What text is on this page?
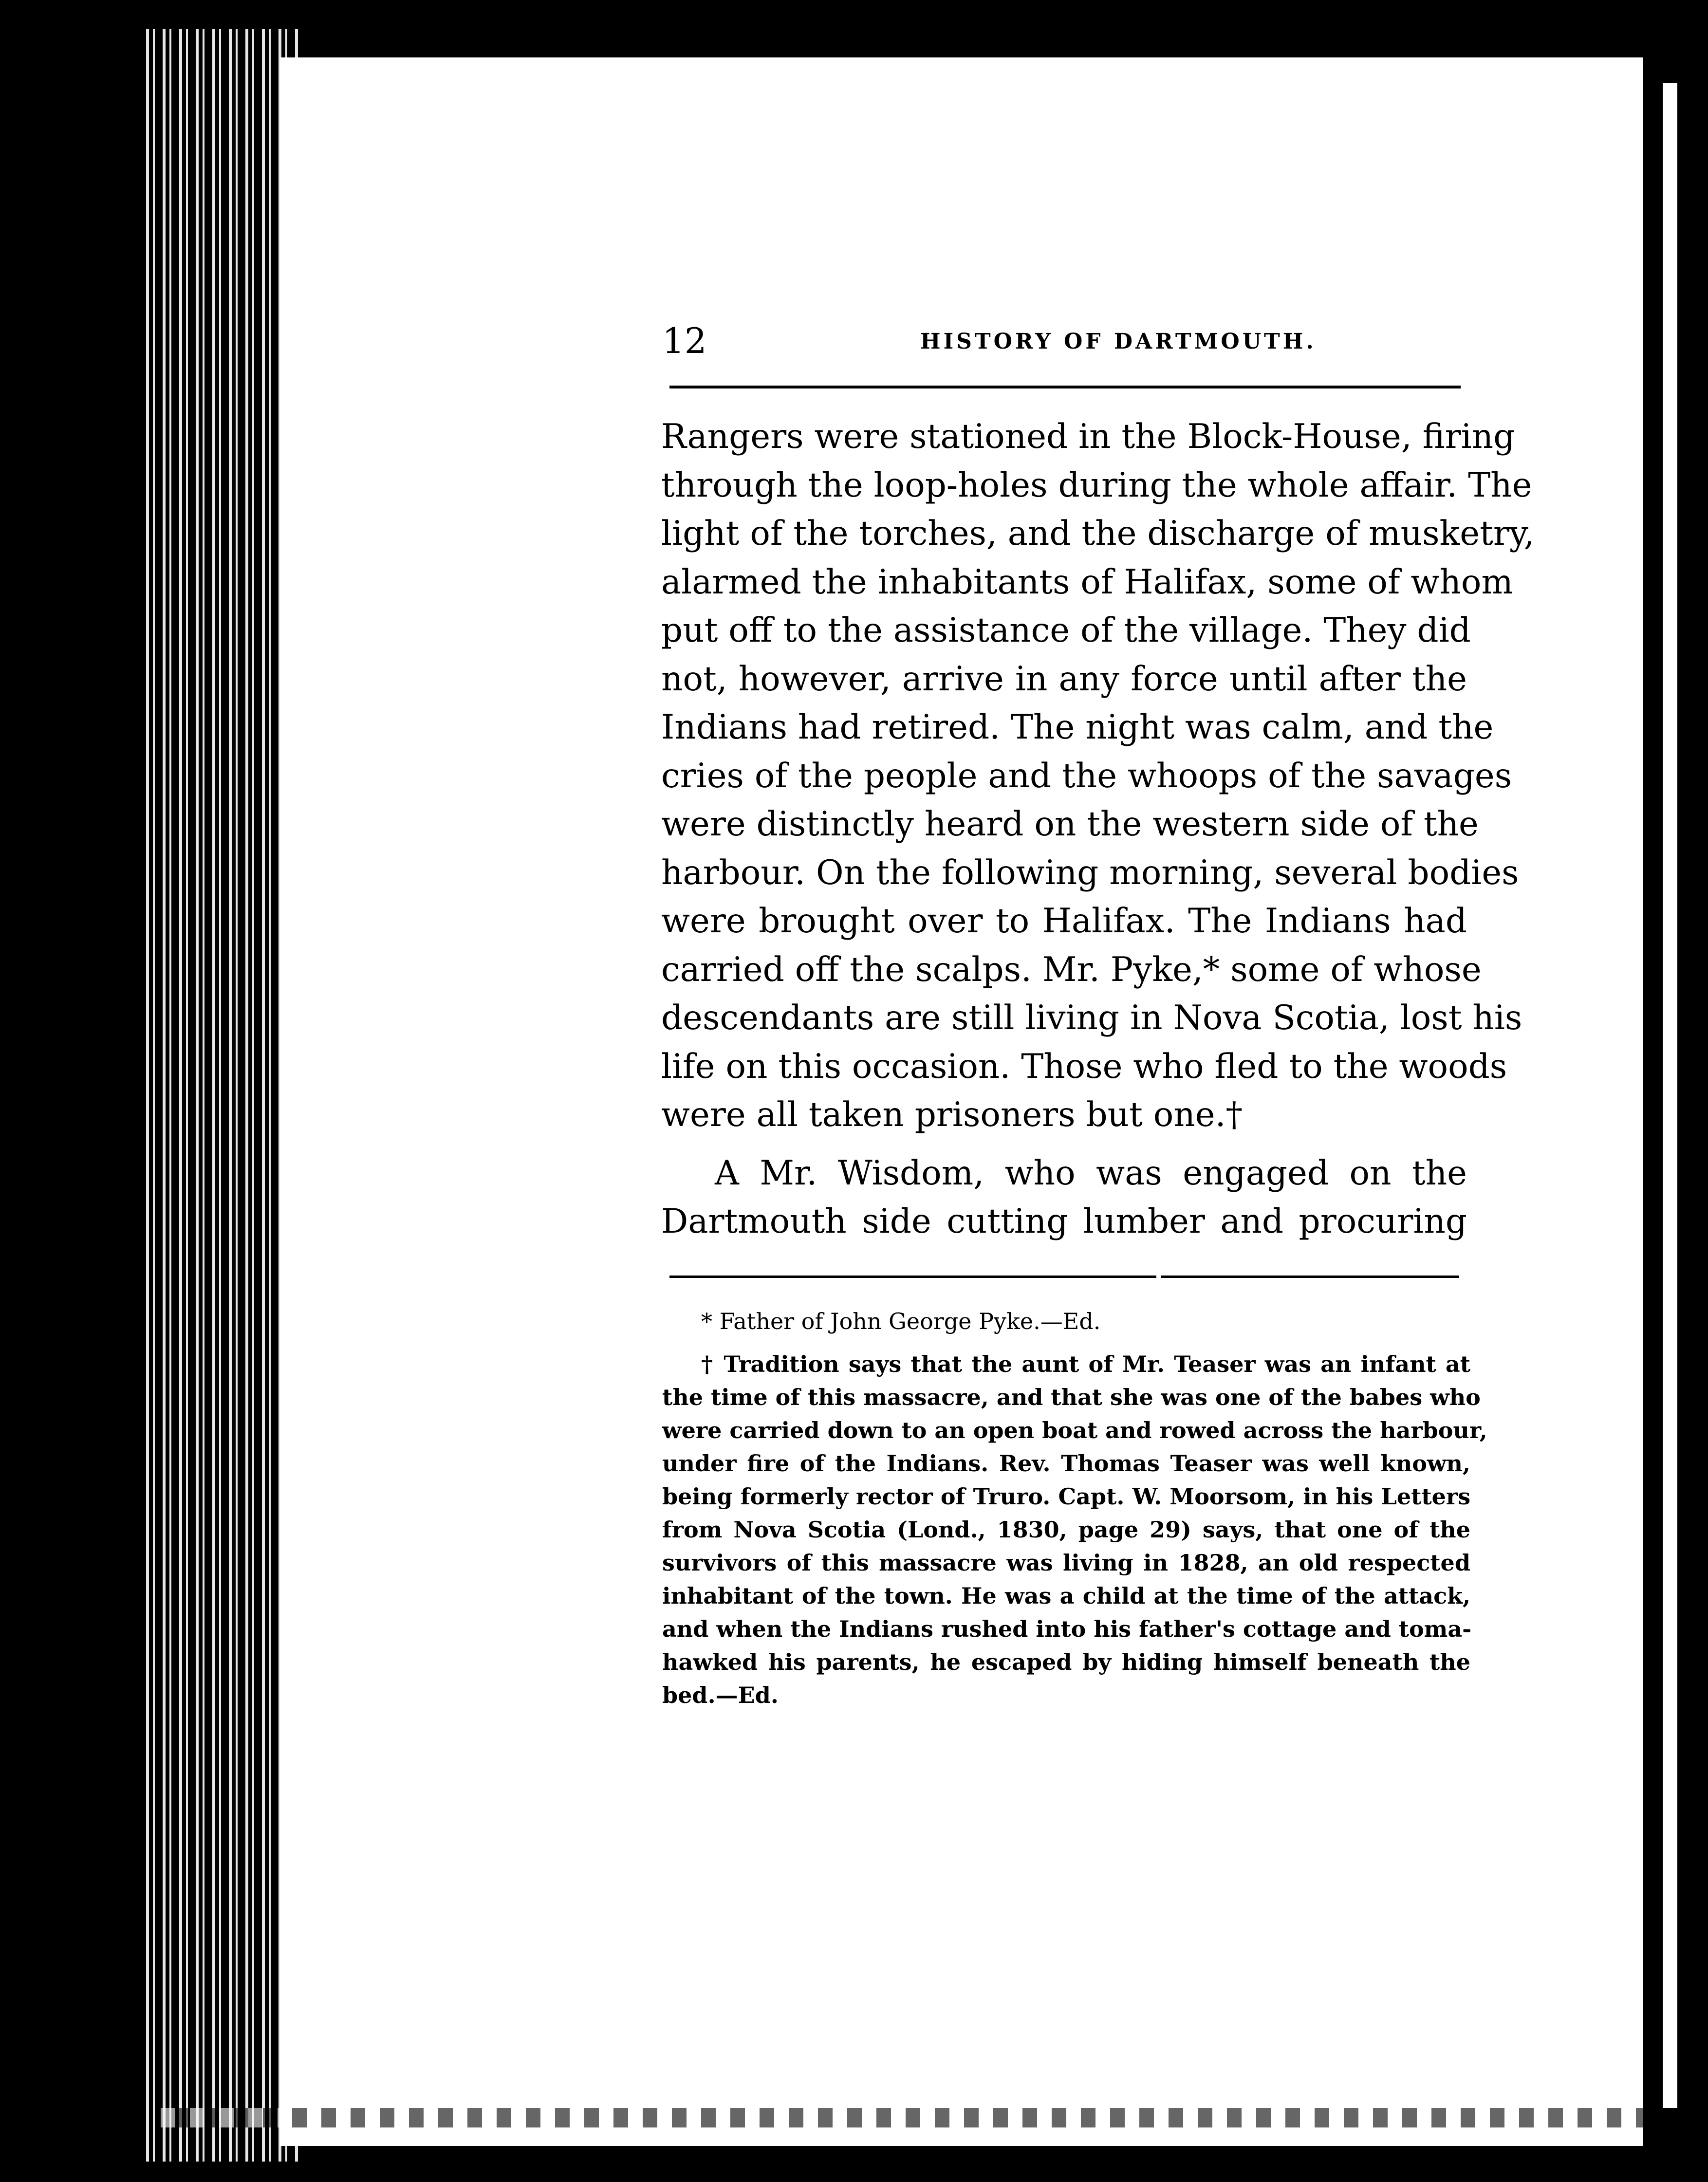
12	HISTORY OF DARTMOUTH.
Rangers were stationed in the Block-House, firing
through the loop-holes during the whole affair. The
light of the torches, and the discharge of musketry,
alarmed the inhabitants of Halifax, some of whom
put off to the assistance of the village. They did
not, however, arrive in any force until after the
Indians had retired. The night was calm, and the
cries of the people and the whoops of the savages
were distinctly heard on the western side of the
harbour. On the following morning, several bodies
were brought over to Halifax. The Indians had
carried off the scalps. Mr. Pyke,* some of whose
descendants are still living in Nova Scotia, lost his
life on this occasion. Those who fled to the woods
were all taken prisoners but one.†
A Mr. Wisdom, who was engaged on the
Dartmouth side cutting lumber and procuring
* Father of John George Pyke.—Ed.
† Tradition says that the aunt of Mr. Teaser was an infant at
the time of this massacre, and that she was one of the babes who
were carried down to an open boat and rowed across the harbour,
under fire of the Indians. Rev. Thomas Teaser was well known,
being formerly rector of Truro. Capt. W. Moorsom, in his Letters
from Nova Scotia (Lond., 1830, page 29) says, that one of the
survivors of this massacre was living in 1828, an old respected
inhabitant of the town. He was a child at the time of the attack,
and when the Indians rushed into his father's cottage and toma-
hawked his parents, he escaped by hiding himself beneath the
bed.—Ed.
